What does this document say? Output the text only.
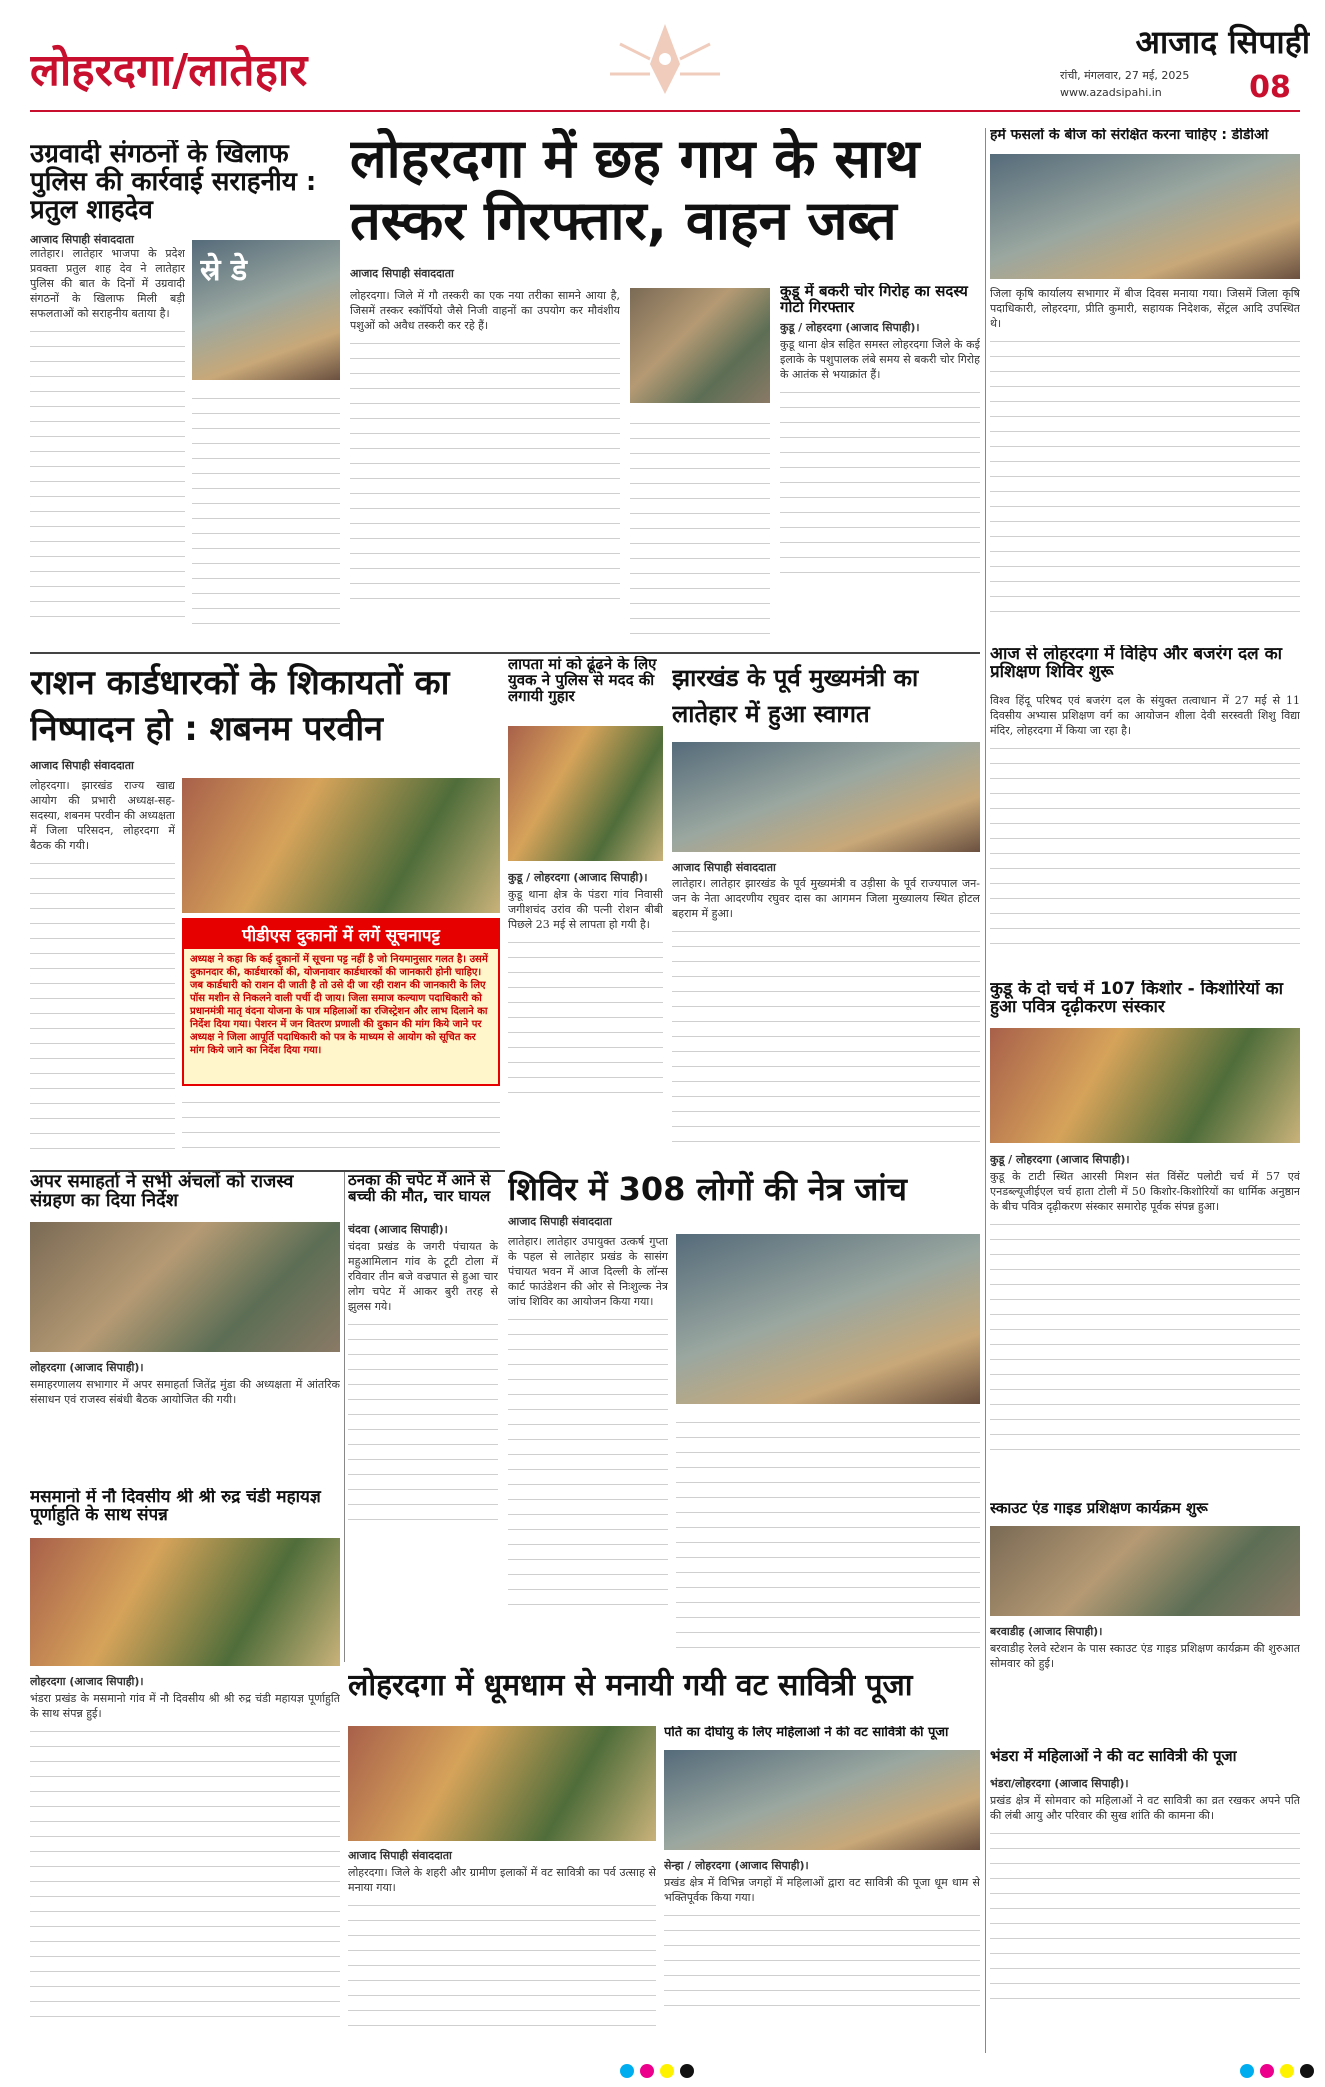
लोहरदगा/लातेहार
आजाद सिपाही
रांची, मंगलवार, 27 मई, 2025
www.azadsipahi.in	08
उग्रवादी संगठनों के खिलाफ पुलिस की कार्रवाई सराहनीय : प्रतुल शाहदेव
आजाद सिपाही संवाददाता
लातेहार। लातेहार भाजपा के प्रदेश प्रवक्ता प्रतुल शाह देव ने लातेहार पुलिस की बात के दिनों में उग्रवादी संगठनों के खिलाफ मिली बड़ी सफलताओं को सराहनीय बताया है।
स्रे डे
लोहरदगा में छह गाय के साथ तस्कर गिरफ्तार, वाहन जब्त
आजाद सिपाही संवाददाता
लोहरदगा। जिले में गौ तस्करी का एक नया तरीका सामने आया है, जिसमें तस्कर स्कॉर्पियो जैसे निजी वाहनों का उपयोग कर मौवंशीय पशुओं को अवैध तस्करी कर रहे हैं।
कुडू में बकरी चोर गिरोह का सदस्य गोटो गिरफ्तार
कुडू / लोहरदगा (आजाद सिपाही)।
कुडू थाना क्षेत्र सहित समस्त लोहरदगा जिले के कई इलाके के पशुपालक लंबे समय से बकरी चोर गिरोह के आतंक से भयाक्रांत हैं।
हमें फसलों के बीज को संरक्षित करना चाहिए : डीडीओ
जिला कृषि कार्यालय सभागार में बीज दिवस मनाया गया। जिसमें जिला कृषि पदाधिकारी, लोहरदगा, प्रीति कुमारी, सहायक निदेशक, सेंट्रल आदि उपस्थित थे।
राशन कार्डधारकों के शिकायतों का निष्पादन हो : शबनम परवीन
आजाद सिपाही संवाददाता
लोहरदगा। झारखंड राज्य खाद्य आयोग की प्रभारी अध्यक्ष-सह-सदस्या, शबनम परवीन की अध्यक्षता में जिला परिसदन, लोहरदगा में बैठक की गयी।
पीडीएस दुकानों में लगें सूचनापट्ट
अध्यक्ष ने कहा कि कई दुकानों में सूचना पट्ट नहीं है जो नियमानुसार गलत है। उसमें दुकानदार की, कार्डधारकों की, योजनावार कार्डधारकों की जानकारी होनी चाहिए। जब कार्डधारी को राशन दी जाती है तो उसे दी जा रही राशन की जानकारी के लिए पॉस मशीन से निकलने वाली पर्ची दी जाय। जिला समाज कल्याण पदाधिकारी को प्रधानमंत्री मातृ वंदना योजना के पात्र महिलाओं का रजिस्ट्रेशन और लाभ दिलाने का निर्देश दिया गया। पेशरन में जन वितरण प्रणाली की दुकान की मांग किये जाने पर अध्यक्ष ने जिला आपूर्ति पदाधिकारी को पत्र के माध्यम से आयोग को सूचित कर मांग किये जाने का निर्देश दिया गया।
लापता मां को ढूंढने के लिए युवक ने पुलिस से मदद की लगायी गुहार
कुडू / लोहरदगा (आजाद सिपाही)।
कुडू थाना क्षेत्र के पंडरा गांव निवासी जगीशचंद उरांव की पत्नी रोशन बीबी पिछले 23 मई से लापता हो गयी है।
झारखंड के पूर्व मुख्यमंत्री का लातेहार में हुआ स्वागत
आजाद सिपाही संवाददाता
लातेहार। लातेहार झारखंड के पूर्व मुख्यमंत्री व उड़ीसा के पूर्व राज्यपाल जन-जन के नेता आदरणीय रघुवर दास का आगमन जिला मुख्यालय स्थित होटल बहराम में हुआ।
आज से लोहरदगा में विहिप और बजरंग दल का प्रशिक्षण शिविर शुरू
विश्व हिंदू परिषद एवं बजरंग दल के संयुक्त तत्वाधान में 27 मई से 11 दिवसीय अभ्यास प्रशिक्षण वर्ग का आयोजन शीला देवी सरस्वती शिशु विद्या मंदिर, लोहरदगा में किया जा रहा है।
कुडू के दो चर्च में 107 किशोर - किशोरियों का हुआ पवित्र दृढ़ीकरण संस्कार
कुडू / लोहरदगा (आजाद सिपाही)।
कुडू के टाटी स्थित आरसी मिशन संत विंसेंट पलोटी चर्च में 57 एवं एनडब्ल्यूजीईएल चर्च हाता टोली में 50 किशोर-किशोरियों का धार्मिक अनुष्ठान के बीच पवित्र दृढ़ीकरण संस्कार समारोह पूर्वक संपन्न हुआ।
अपर समाहर्ता ने सभी अंचलों को राजस्व संग्रहण का दिया निर्देश
लोहरदगा (आजाद सिपाही)।
समाहरणालय सभागार में अपर समाहर्ता जितेंद्र मुंडा की अध्यक्षता में आंतरिक संसाधन एवं राजस्व संबंधी बैठक आयोजित की गयी।
ठनका की चपेट में आने से बच्ची की मौत, चार घायल
चंदवा (आजाद सिपाही)।
चंदवा प्रखंड के जगरी पंचायत के महुआमिलान गांव के टूटी टोला में रविवार तीन बजे वज्रपात से हुआ चार लोग चपेट में आकर बुरी तरह से झुलस गये।
शिविर में 308 लोगों की नेत्र जांच
आजाद सिपाही संवाददाता
लातेहार। लातेहार उपायुक्त उत्कर्ष गुप्ता के पहल से लातेहार प्रखंड के सासंग पंचायत भवन में आज दिल्ली के लॉन्स कार्ट फाउंडेशन की ओर से निःशुल्क नेत्र जांच शिविर का आयोजन किया गया।
मसमानो में नौ दिवसीय श्री श्री रुद्र चंडी महायज्ञ पूर्णाहुति के साथ संपन्न
लोहरदगा (आजाद सिपाही)।
भंडरा प्रखंड के मसमानो गांव में नौ दिवसीय श्री श्री रुद्र चंडी महायज्ञ पूर्णाहुति के साथ संपन्न हुई।
स्काउट एंड गाइड प्रशिक्षण कार्यक्रम शुरू
बरवाडीह (आजाद सिपाही)।
बरवाडीह रेलवे स्टेशन के पास स्काउट एंड गाइड प्रशिक्षण कार्यक्रम की शुरुआत सोमवार को हुई।
लोहरदगा में धूमधाम से मनायी गयी वट सावित्री पूजा
आजाद सिपाही संवाददाता
लोहरदगा। जिले के शहरी और ग्रामीण इलाकों में वट सावित्री का पर्व उत्साह से मनाया गया।
पति का दीर्घायु के लिए महिलाओं ने की वट सावित्री की पूजा
सेन्हा / लोहरदगा (आजाद सिपाही)।
प्रखंड क्षेत्र में विभिन्न जगहों में महिलाओं द्वारा वट सावित्री की पूजा धूम धाम से भक्तिपूर्वक किया गया।
भंडरा में महिलाओं ने की वट सावित्री की पूजा
भंडरा/लोहरदगा (आजाद सिपाही)।
प्रखंड क्षेत्र में सोमवार को महिलाओं ने वट सावित्री का व्रत रखकर अपने पति की लंबी आयु और परिवार की सुख शांति की कामना की।
